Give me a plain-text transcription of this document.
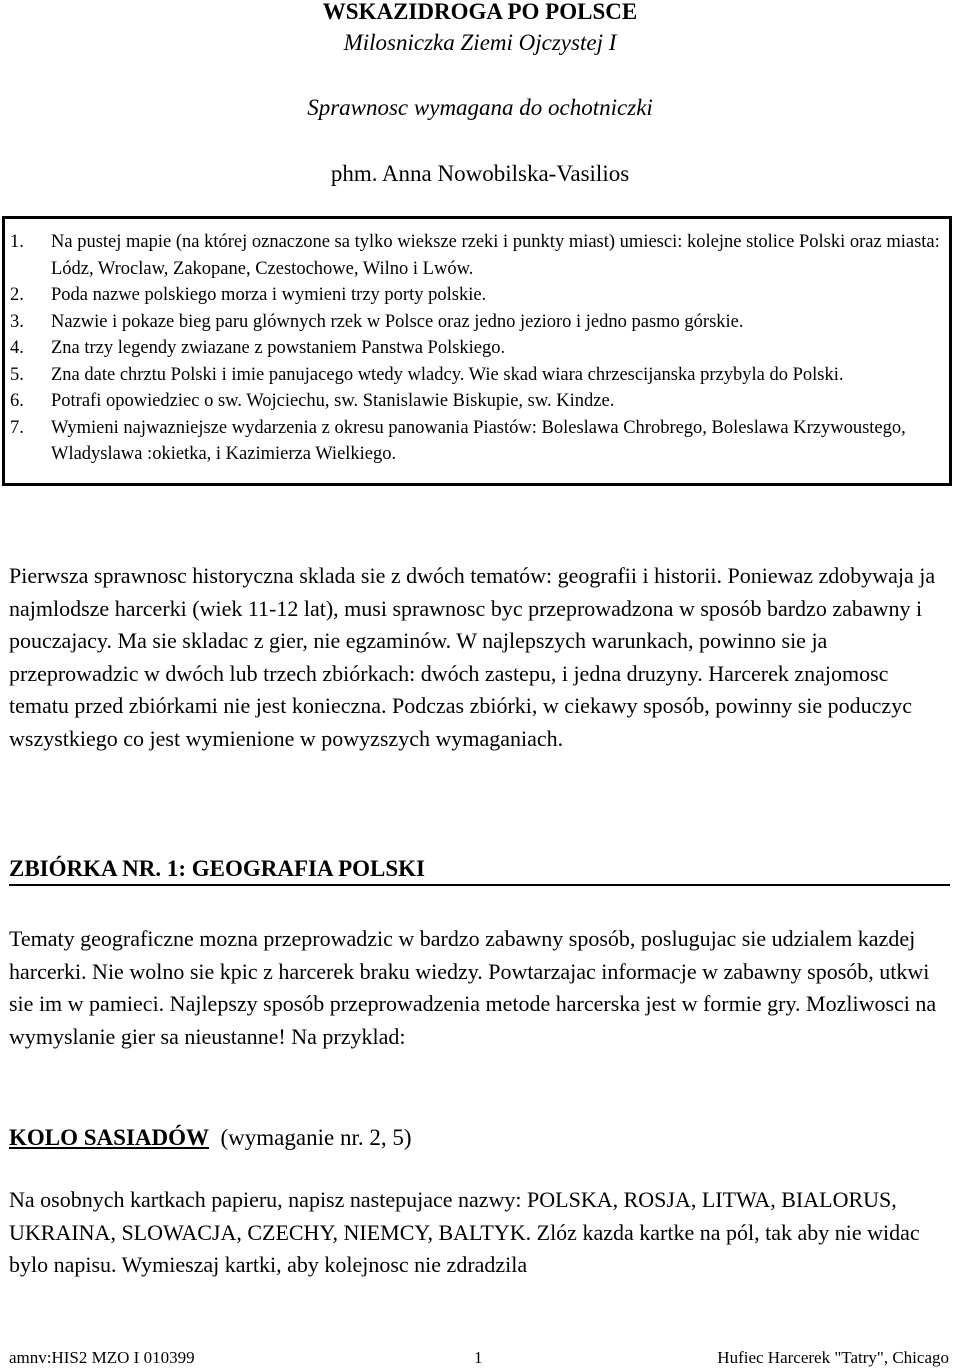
WSKAZIDROGA PO POLSCE
Milosniczka Ziemi Ojczystej I
Sprawnosc wymagana do ochotniczki
phm. Anna Nowobilska-Vasilios
1. Na pustej mapie (na której oznaczone sa tylko wieksze rzeki i punkty miast) umiesci: kolejne stolice Polski oraz miasta: Lódz, Wroclaw, Zakopane, Czestochowe, Wilno i Lwów.
2. Poda nazwe polskiego morza i wymieni trzy porty polskie.
3. Nazwie i pokaze bieg paru glównych rzek w Polsce oraz jedno jezioro i jedno pasmo górskie.
4. Zna trzy legendy zwiazane z powstaniem Panstwa Polskiego.
5. Zna date chrztu Polski i imie panujacego wtedy wladcy. Wie skad wiara chrzescijanska przybyla do Polski.
6. Potrafi opowiedziec o sw. Wojciechu, sw. Stanislawie Biskupie, sw. Kindze.
7. Wymieni najwazniejsze wydarzenia z okresu panowania Piastów: Boleslawa Chrobrego, Boleslawa Krzywoustego, Wladyslawa :okietka, i Kazimierza Wielkiego.

Pierwsza sprawnosc historyczna sklada sie z dwóch tematów: geografii i historii. Poniewaz zdobywaja ja najmlodsze harcerki (wiek 11-12 lat), musi sprawnosc byc przeprowadzona w sposób bardzo zabawny i pouczajacy. Ma sie skladac z gier, nie egzaminów. W najlepszych warunkach, powinno sie ja przeprowadzic w dwóch lub trzech zbiórkach: dwóch zastepu, i jedna druzyny. Harcerek znajomosc tematu przed zbiórkami nie jest konieczna. Podczas zbiórki, w ciekawy sposób, powinny sie poduczyc wszystkiego co jest wymienione w powyzszych wymaganiach.

ZBIÓRKA NR. 1: GEOGRAFIA POLSKI

Tematy geograficzne mozna przeprowadzic w bardzo zabawny sposób, poslugujac sie udzialem kazdej harcerki. Nie wolno sie kpic z harcerek braku wiedzy. Powtarzajac informacje w zabawny sposób, utkwi sie im w pamieci. Najlepszy sposób przeprowadzenia metode harcerska jest w formie gry. Mozliwosci na wymyslanie gier sa nieustanne! Na przyklad:

KOLO SASIADÓW (wymaganie nr. 2, 5)

Na osobnych kartkach papieru, napisz nastepujace nazwy: POLSKA, ROSJA, LITWA, BIALORUS, UKRAINA, SLOWACJA, CZECHY, NIEMCY, BALTYK. Zlóz kazda kartke na pól, tak aby nie widac bylo napisu. Wymieszaj kartki, aby kolejnosc nie zdradzila

amnv:HIS2 MZO I 010399	1	Hufiec Harcerek "Tatry", Chicago
